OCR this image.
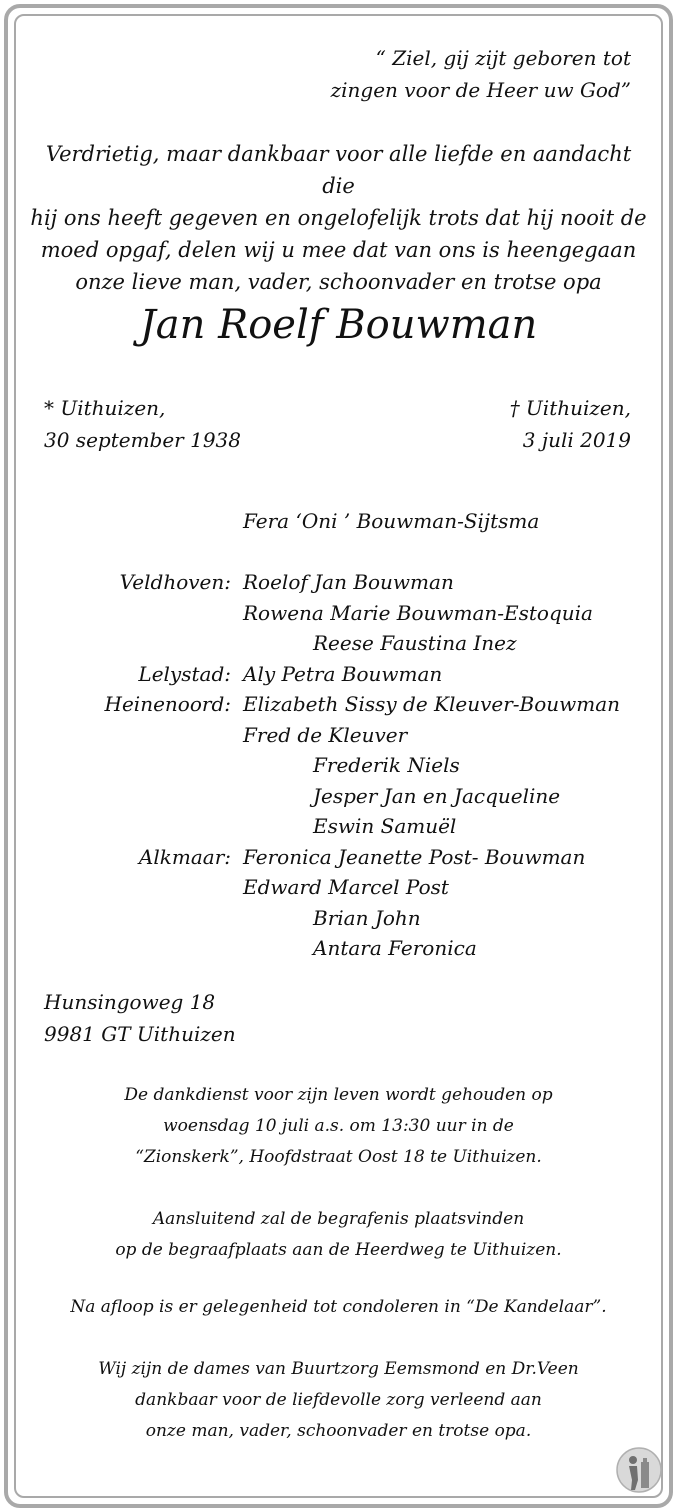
“ Ziel, gij zijt geboren tot
zingen voor de Heer uw God”
Verdrietig, maar dankbaar voor alle liefde en aandacht die
hij ons heeft gegeven en ongelofelijk trots dat hij nooit de
moed opgaf, delen wij u mee dat van ons is heengegaan
onze lieve man, vader, schoonvader en trotse opa
Jan Roelf Bouwman
* Uithuizen,
30 september 1938
† Uithuizen,
3 juli 2019
Fera ‘Oni ’ Bouwman-Sijtsma
Veldhoven: Roelof Jan Bouwman
Rowena Marie Bouwman-Estoquia
Reese Faustina Inez
Lelystad: Aly Petra Bouwman
Heinenoord: Elizabeth Sissy de Kleuver-Bouwman
Fred de Kleuver
Frederik Niels
Jesper Jan en Jacqueline
Eswin Samuël
Alkmaar: Feronica Jeanette Post- Bouwman
Edward Marcel Post
Brian John
Antara Feronica
Hunsingoweg 18
9981 GT Uithuizen
De dankdienst voor zijn leven wordt gehouden op
woensdag 10 juli a.s. om 13:30 uur in de
“Zionskerk”, Hoofdstraat Oost 18 te Uithuizen.
Aansluitend zal de begrafenis plaatsvinden
op de begraafplaats aan de Heerdweg te Uithuizen.
Na afloop is er gelegenheid tot condoleren in “De Kandelaar”.
Wij zijn de dames van Buurtzorg Eemsmond en Dr.Veen
dankbaar voor de liefdevolle zorg verleend aan
onze man, vader, schoonvader en trotse opa.
